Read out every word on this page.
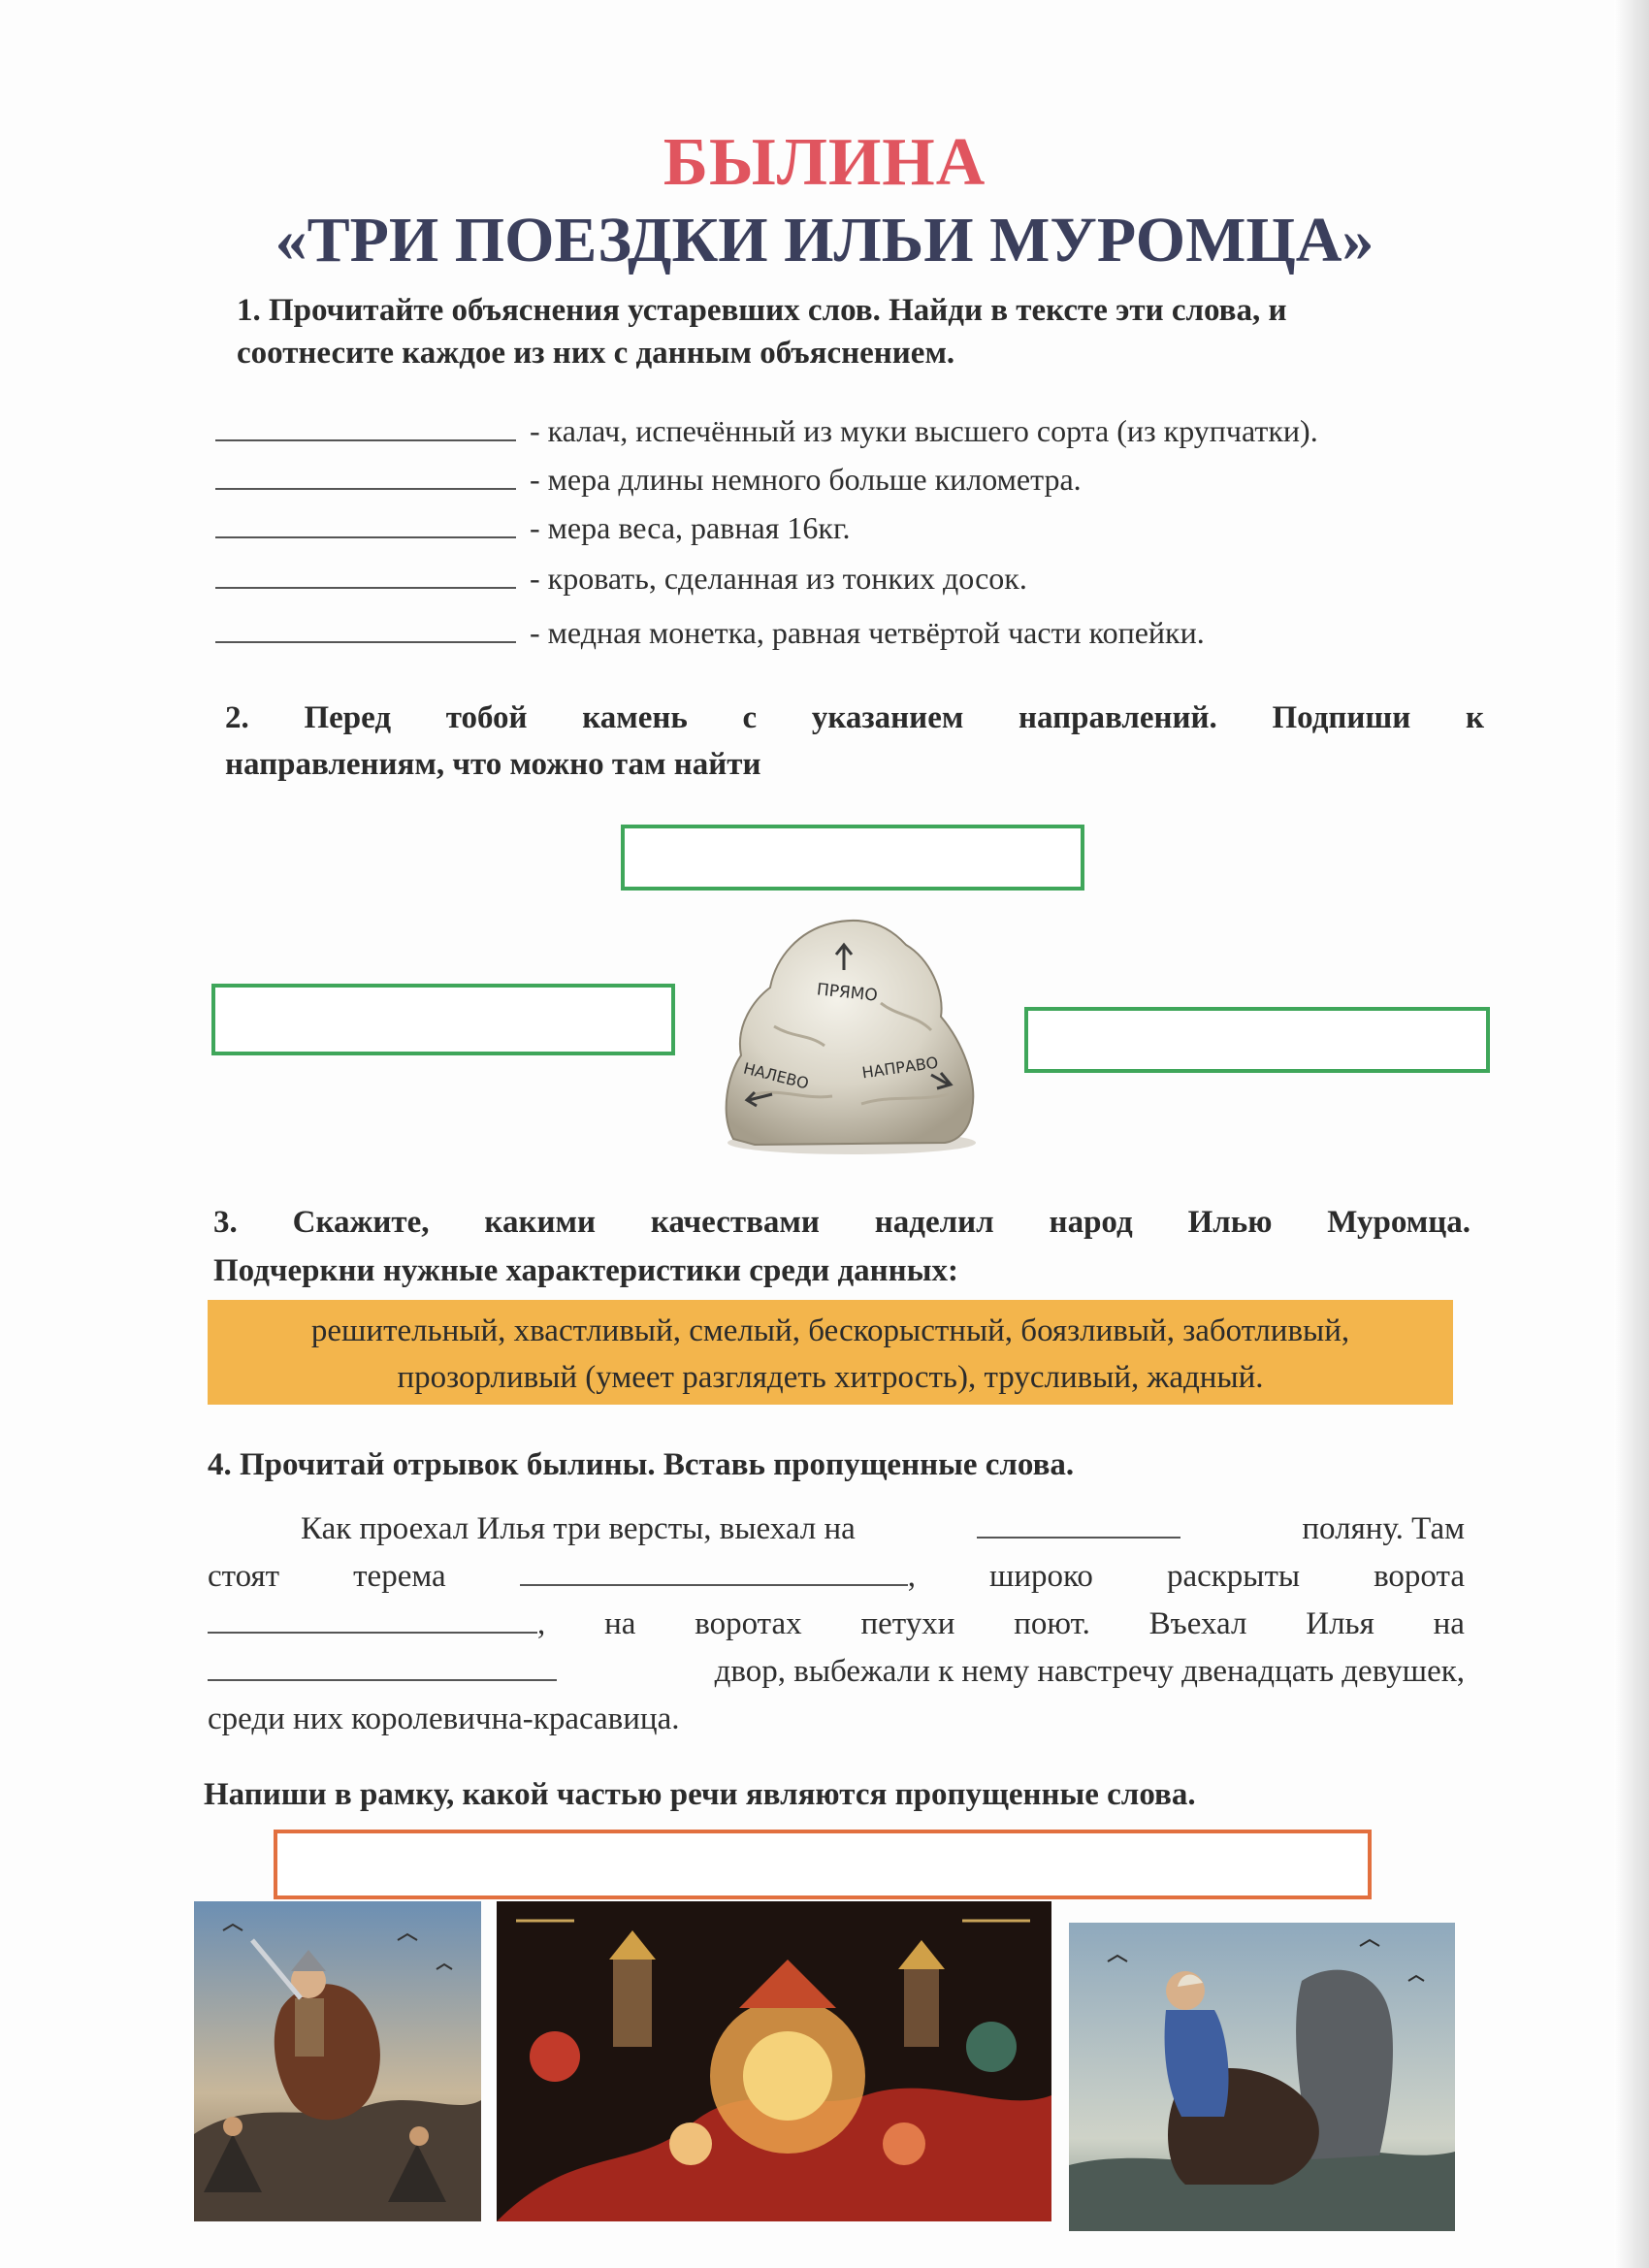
БЫЛИНА
«ТРИ ПОЕЗДКИ ИЛЬИ МУРОМЦА»
1. Прочитайте объяснения устаревших слов. Найди в тексте эти слова, и
соотнесите каждое из них с данным объяснением.
- калач, испечённый из муки высшего сорта (из крупчатки).
- мера длины немного больше километра.
- мера веса, равная 16кг.
- кровать, сделанная из тонких досок.
- медная монетка, равная четвёртой части копейки.
2. Перед тобой камень с указанием направлений. Подпиши к
направлениям, что можно там найти
ПРЯМО
НАЛЕВО	НАПРАВО
3. Скажите, какими качествами наделил народ Илью Муромца.
Подчеркни нужные характеристики среди данных:
решительный, хвастливый, смелый, бескорыстный, боязливый, заботливый,
прозорливый (умеет разглядеть хитрость), трусливый, жадный.
4. Прочитай отрывок былины. Вставь пропущенные слова.
Как проехал Илья три версты, выехал на	поляну. Там
стоят терема	, широко раскрыты ворота
, на воротах петухи поют. Въехал Илья на
двор, выбежали к нему навстречу двенадцать девушек,
среди них королевична-красавица.
Напиши в рамку, какой частью речи являются пропущенные слова.
